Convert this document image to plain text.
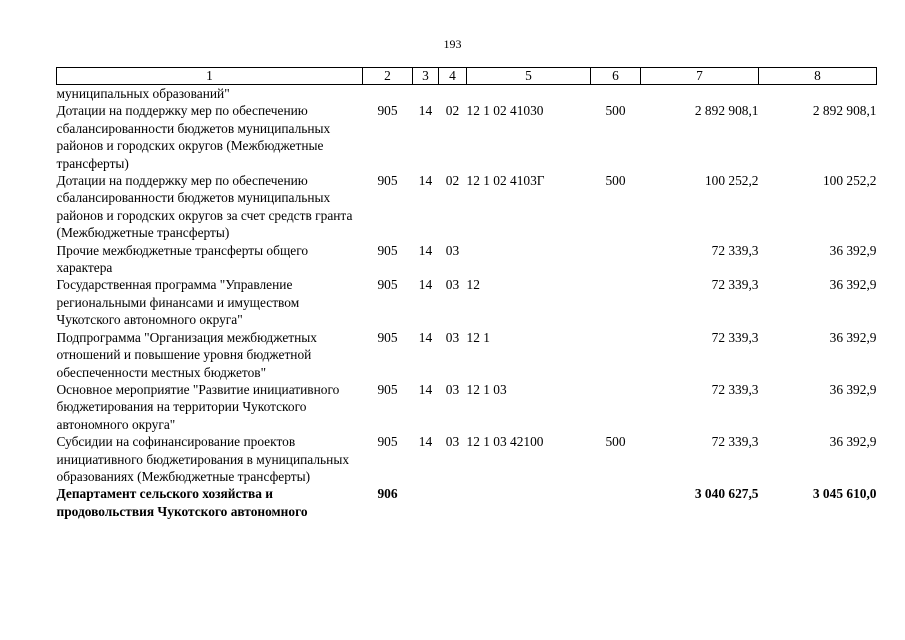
193
1	2	3	4	5	6	7	8
муниципальных образований"							
Дотации на поддержку мер по обеспечению сбалансированности бюджетов муниципальных районов и городских округов (Межбюджетные трансферты)	905	14	02	12 1 02 41030	500	2 892 908,1	2 892 908,1
Дотации на поддержку мер по обеспечению сбалансированности бюджетов муниципальных районов и городских округов за счет средств гранта (Межбюджетные трансферты)	905	14	02	12 1 02 4103Г	500	100 252,2	100 252,2
Прочие межбюджетные трансферты общего характера	905	14	03			72 339,3	36 392,9
Государственная программа "Управление региональными финансами и имуществом Чукотского автономного округа"	905	14	03	12		72 339,3	36 392,9
Подпрограмма "Организация межбюджетных отношений и повышение уровня бюджетной обеспеченности местных бюджетов"	905	14	03	12 1		72 339,3	36 392,9
Основное мероприятие "Развитие инициативного бюджетирования на территории Чукотского автономного округа"	905	14	03	12 1 03		72 339,3	36 392,9
Субсидии на софинансирование проектов инициативного бюджетирования в муниципальных образованиях (Межбюджетные трансферты)	905	14	03	12 1 03 42100	500	72 339,3	36 392,9
Департамент сельского хозяйства и продовольствия Чукотского автономного	906					3 040 627,5	3 045 610,0
